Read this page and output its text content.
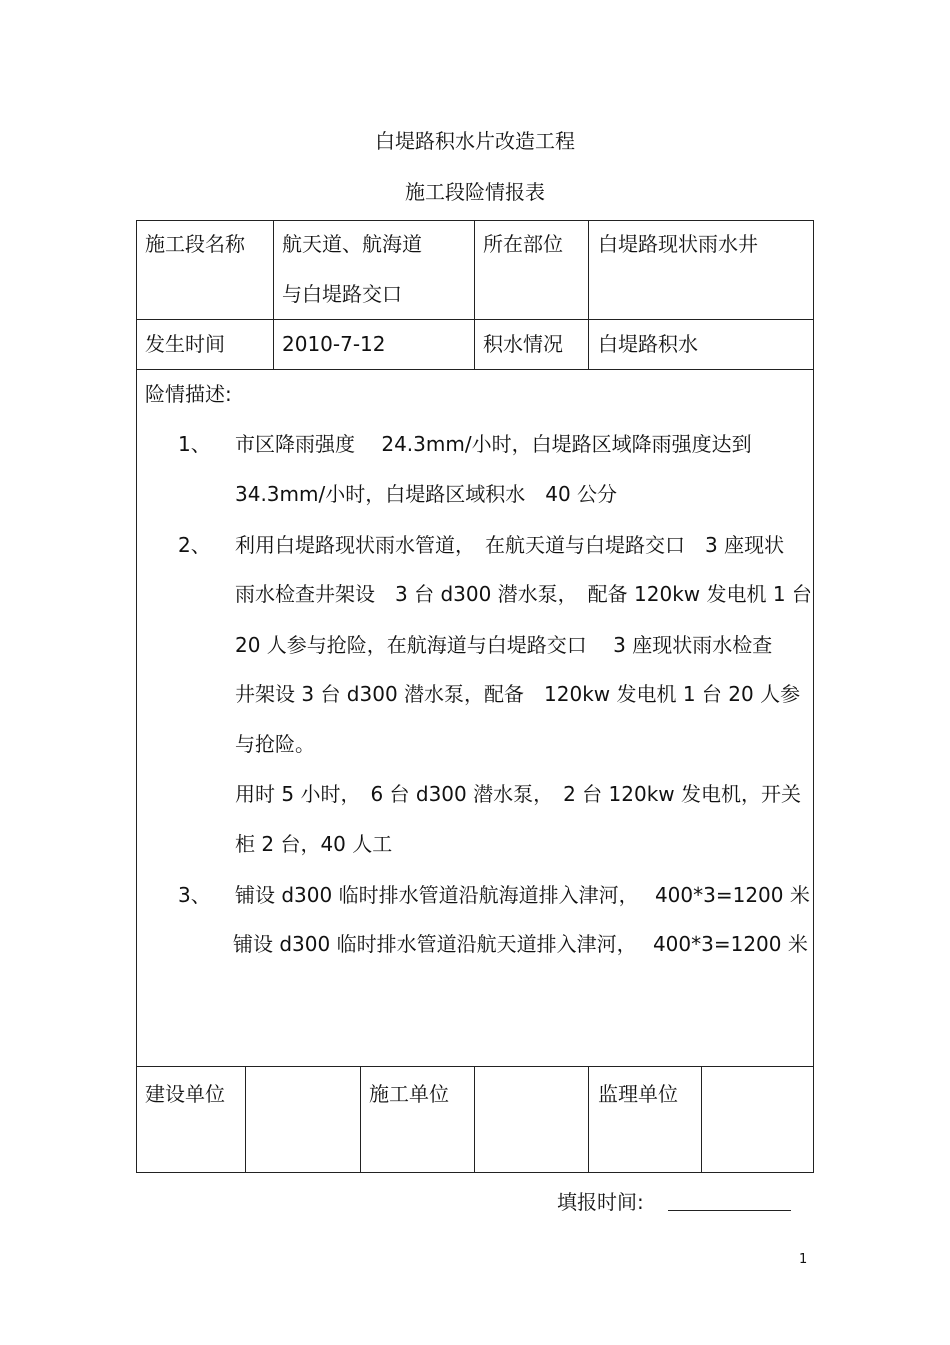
白堤路积水片改造工程
施工段险情报表
施工段名称 航天道、航海道
与白堤路交口
所在部位 白堤路现状雨水井
发生时间	2010-7-12	积水情况 白堤路积水
险情描述:
1、 市区降雨强度　 24.3mm/小时，白堤路区域降雨强度达到
34.3mm/小时，白堤路区域积水　40 公分
2、 利用白堤路现状雨水管道，　在航天道与白堤路交口　3 座现状
雨水检查井架设　3 台 d300 潜水泵，　配备 120kw 发电机 1 台
20 人参与抢险，在航海道与白堤路交口　 3 座现状雨水检查
井架设 3 台 d300 潜水泵，配备　120kw 发电机 1 台 20 人参
与抢险。
用时 5 小时，　6 台 d300 潜水泵，　2 台 120kw 发电机，开关
柜 2 台，40 人工
3、 铺设 d300 临时排水管道沿航海道排入津河，　 400*3=1200 米
铺设 d300 临时排水管道沿航天道排入津河，　 400*3=1200 米
建设单位	施工单位	监理单位
填报时间:
1
